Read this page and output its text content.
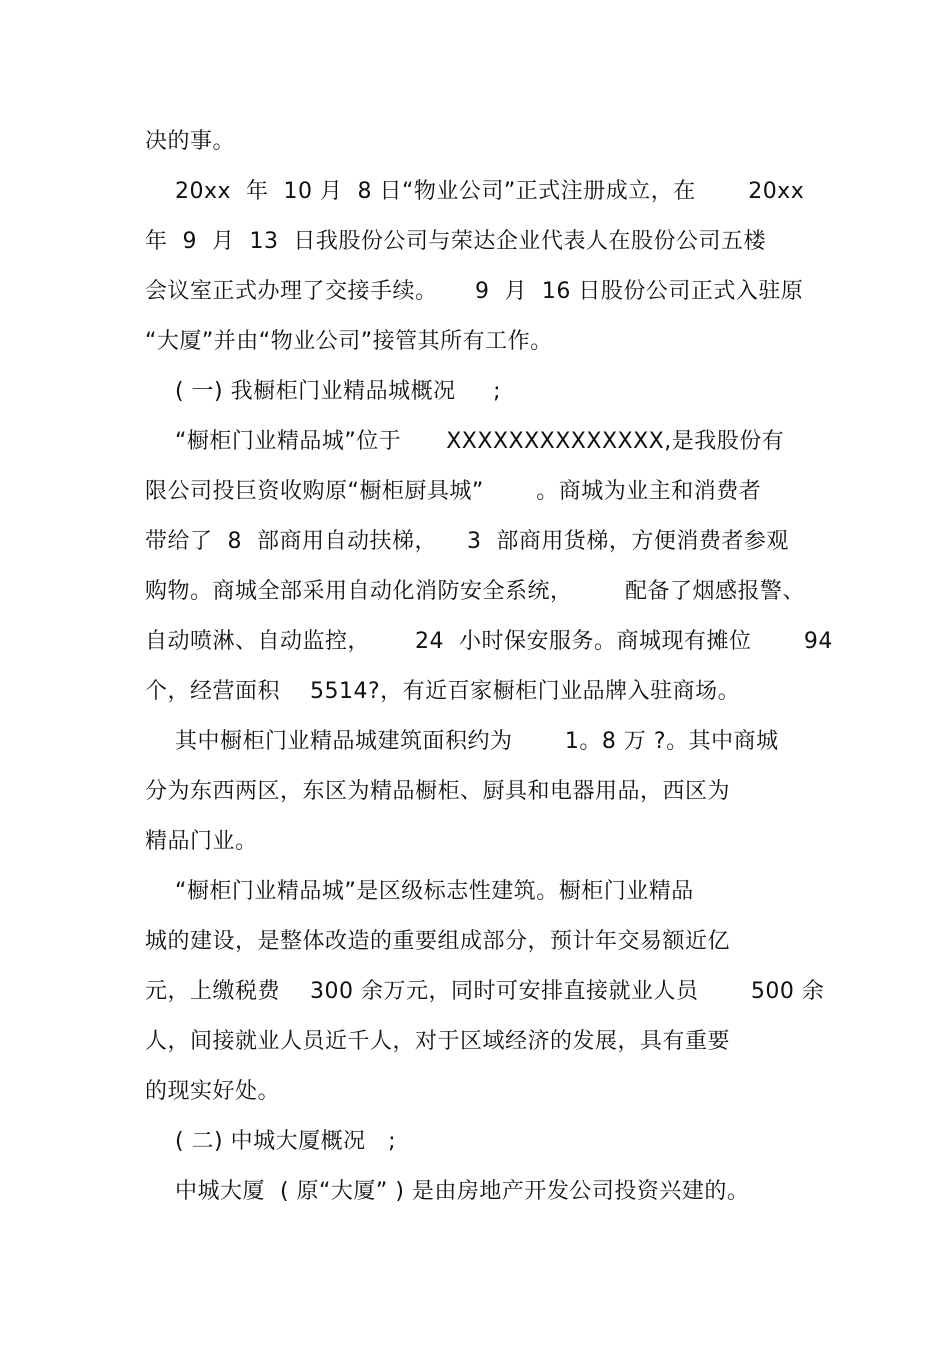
决的事。
20xx  年  10 月  8 日“物业公司”正式注册成立，在       20xx
年  9  月  13  日我股份公司与荣达企业代表人在股份公司五楼
会议室正式办理了交接手续。     9  月  16 日股份公司正式入驻原
“大厦”并由“物业公司”接管其所有工作。
( 一) 我橱柜门业精品城概况     ;
“橱柜门业精品城”位于      XXXXXXXXXXXXXX,是我股份有
限公司投巨资收购原“橱柜厨具城”       。商城为业主和消费者
带给了  8  部商用自动扶梯，    3  部商用货梯，方便消费者参观
购物。商城全部采用自动化消防安全系统，       配备了烟感报警、
自动喷淋、自动监控，      24  小时保安服务。商城现有摊位       94
个，经营面积    5514?，有近百家橱柜门业品牌入驻商场。
其中橱柜门业精品城建筑面积约为       1。8 万 ?。其中商城
分为东西两区，东区为精品橱柜、厨具和电器用品，西区为
精品门业。
“橱柜门业精品城”是区级标志性建筑。橱柜门业精品
城的建设，是整体改造的重要组成部分，预计年交易额近亿
元，上缴税费    300 余万元，同时可安排直接就业人员       500 余
人，间接就业人员近千人，对于区域经济的发展，具有重要
的现实好处。
( 二) 中城大厦概况   ;
中城大厦  ( 原“大厦” ) 是由房地产开发公司投资兴建的。
